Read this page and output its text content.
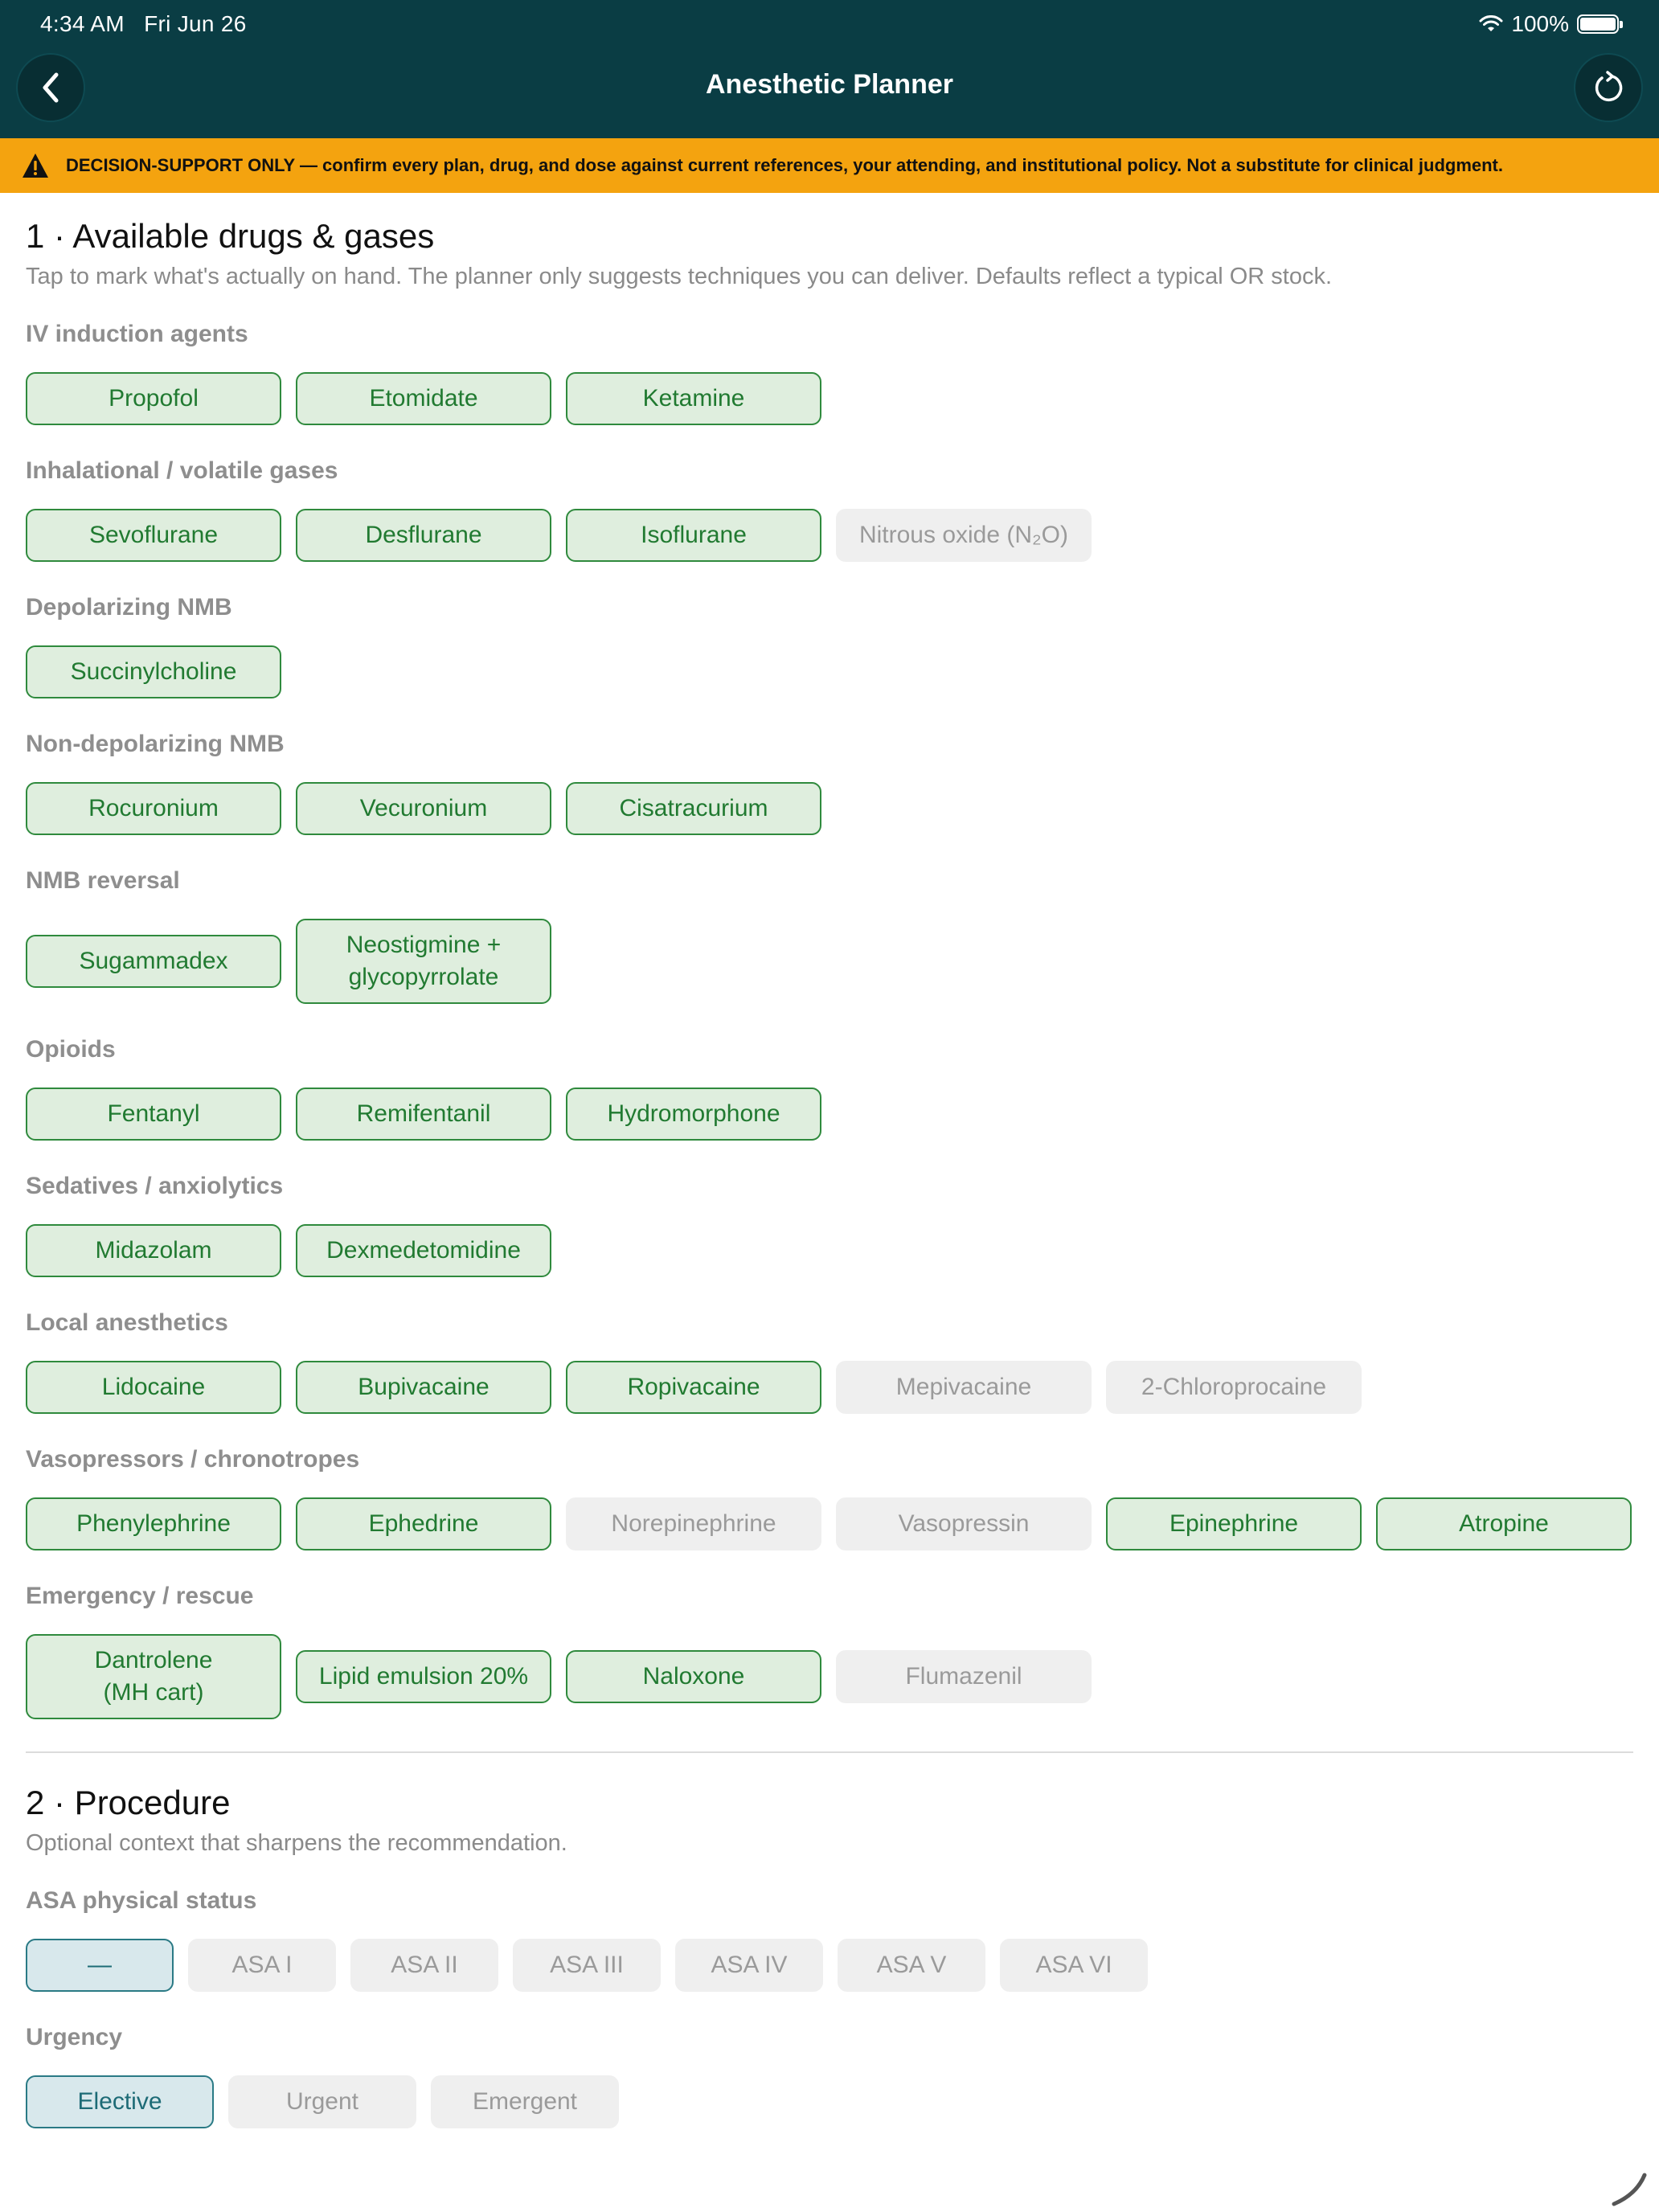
4:34 AM Fri Jun 26	100%
Anesthetic Planner
DECISION-SUPPORT ONLY — confirm every plan, drug, and dose against current references, your attending, and institutional policy. Not a substitute for clinical judgment.
1 · Available drugs & gases
Tap to mark what's actually on hand. The planner only suggests techniques you can deliver. Defaults reflect a typical OR stock.
IV induction agents
Propofol	Etomidate	Ketamine
Inhalational / volatile gases
Sevoflurane	Desflurane	Isoflurane	Nitrous oxide (N₂O)
Depolarizing NMB
Succinylcholine
Non-depolarizing NMB
Rocuronium	Vecuronium	Cisatracurium
NMB reversal
Sugammadex
Neostigmine + glycopyrrolate
Opioids
Fentanyl	Remifentanil	Hydromorphone
Sedatives / anxiolytics
Midazolam	Dexmedetomidine
Local anesthetics
Lidocaine	Bupivacaine	Ropivacaine	Mepivacaine	2-Chloroprocaine
Vasopressors / chronotropes
Phenylephrine	Ephedrine	Norepinephrine	Vasopressin	Epinephrine	Atropine
Emergency / rescue
Dantrolene (MH cart)
Lipid emulsion 20%	Naloxone	Flumazenil
2 · Procedure
Optional context that sharpens the recommendation.
ASA physical status
—	ASA I	ASA II	ASA III	ASA IV	ASA V	ASA VI
Urgency
Elective	Urgent	Emergent
